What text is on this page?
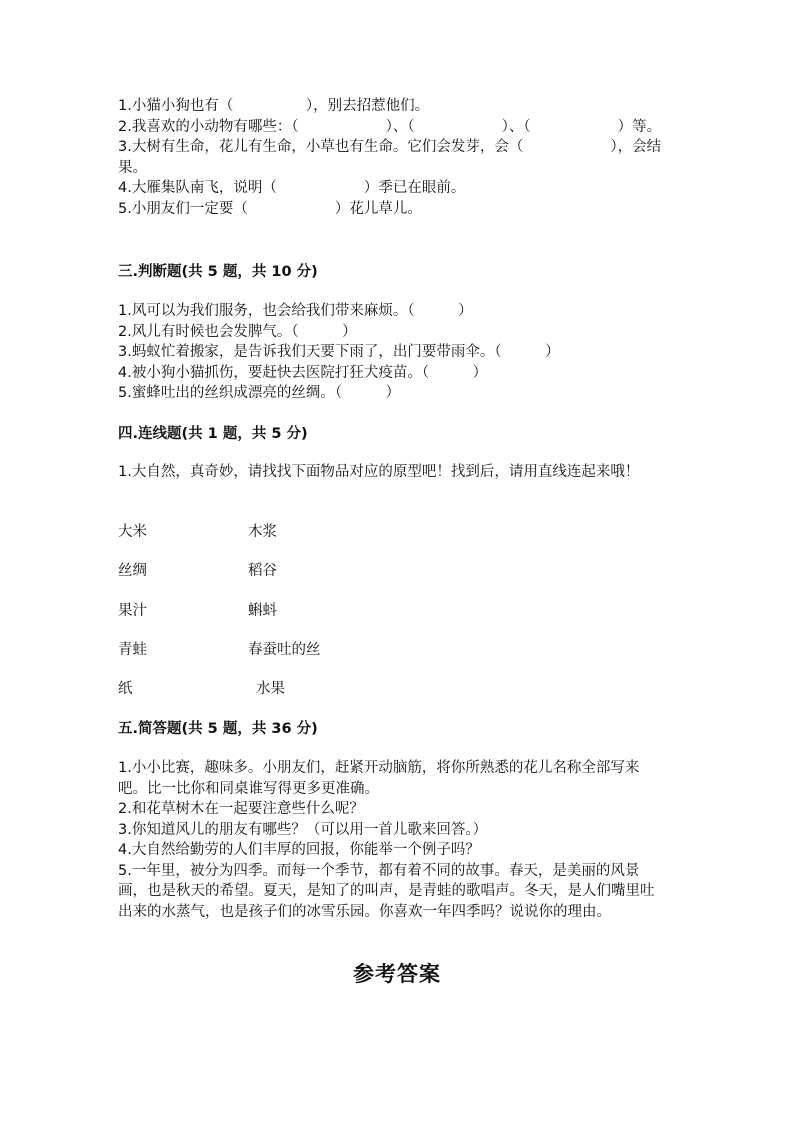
1.小猫小狗也有（　　　　　），别去招惹他们。

2.我喜欢的小动物有哪些：（　　　　　　）、（　　　　　　）、（　　　　　　）等。

3.大树有生命，花儿有生命，小草也有生命。它们会发芽，会（　　　　　　），会结果。

4.大雁集队南飞，说明（　　　　　　）季已在眼前。

5.小朋友们一定要（　　　　　　）花儿草儿。

三.判断题(共 5 题，共 10 分)

1.风可以为我们服务，也会给我们带来麻烦。（　　　）

2.风儿有时候也会发脾气。（　　　）

3.蚂蚁忙着搬家，是告诉我们天要下雨了，出门要带雨伞。（　　　）

4.被小狗小猫抓伤，要赶快去医院打狂犬疫苗。（　　　）

5.蜜蜂吐出的丝织成漂亮的丝绸。（　　　）

四.连线题(共 1 题，共 5 分)

1.大自然，真奇妙，请找找下面物品对应的原型吧！找到后，请用直线连起来哦！

大米	木浆
丝绸	稻谷
果汁	蝌蚪
青蛙	春蚕吐的丝
纸	水果
五.简答题(共 5 题，共 36 分)

1.小小比赛，趣味多。小朋友们，赶紧开动脑筋，将你所熟悉的花儿名称全部写来吧。比一比你和同桌谁写得更多更准确。

2.和花草树木在一起要注意些什么呢？

3.你知道风儿的朋友有哪些？（可以用一首儿歌来回答。）

4.大自然给勤劳的人们丰厚的回报，你能举一个例子吗？

5.一年里，被分为四季。而每一个季节，都有着不同的故事。春天，是美丽的风景画，也是秋天的希望。夏天，是知了的叫声，是青蛙的歌唱声。冬天，是人们嘴里吐出来的水蒸气，也是孩子们的冰雪乐园。你喜欢一年四季吗？说说你的理由。

参考答案
